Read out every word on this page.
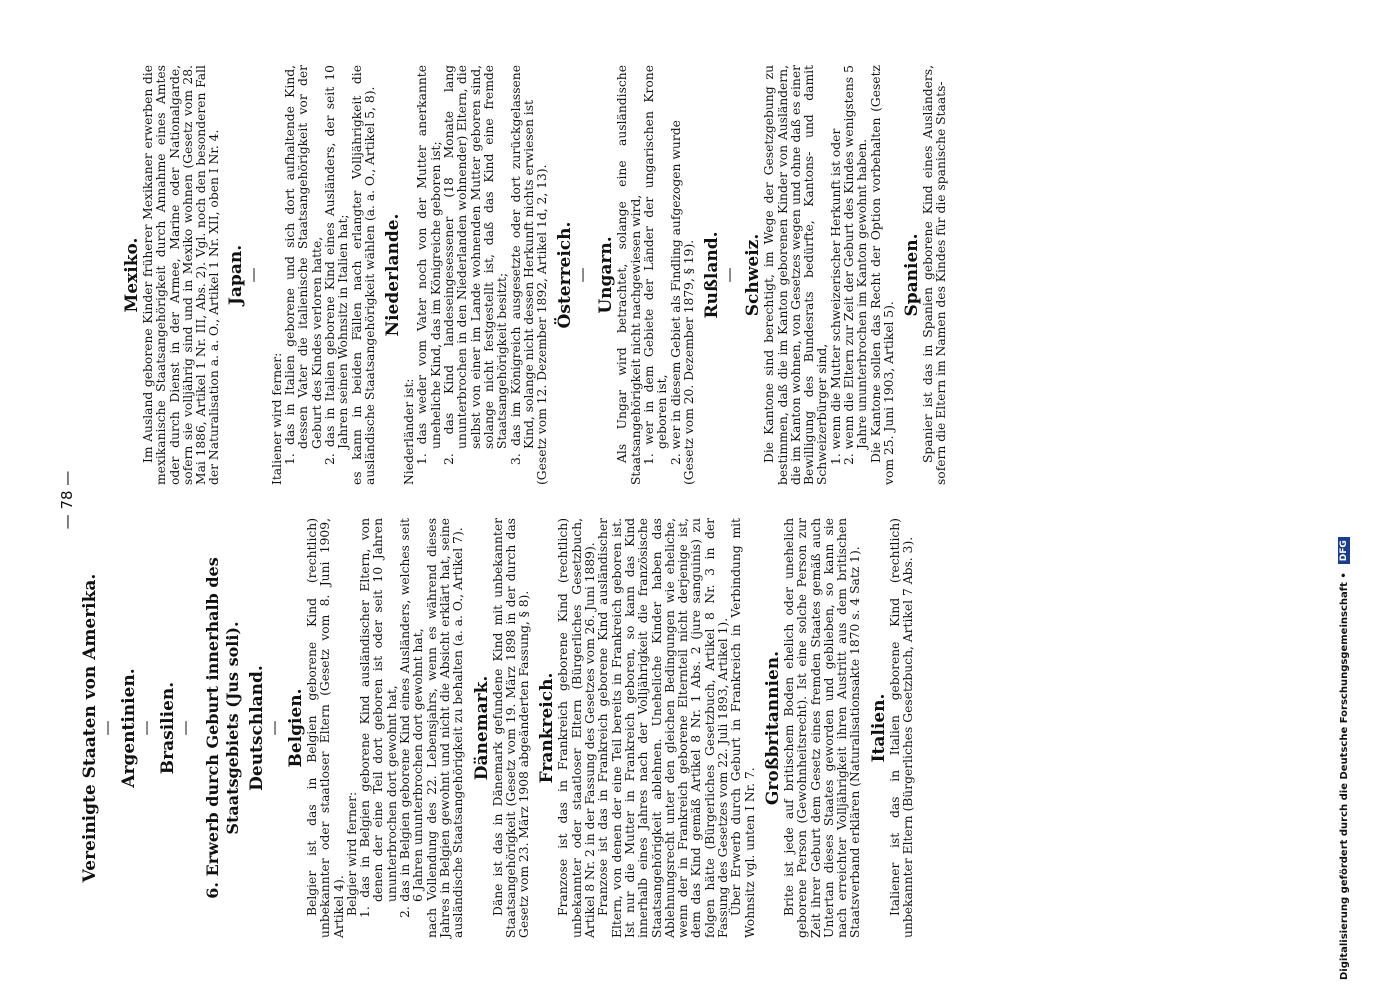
— 78 —
Vereinigte Staaten von Amerika.
— Argentinien.
— Brasilien.
— 6. Erwerb durch Geburt innerhalb des Staatsgebiets (Jus soli). Deutschland.
— Belgien. Belgier ist das in Belgien geborene Kind (rechtlich) unbekannter oder staatloser Eltern (Gesetz vom 8. Juni 1909, Artikel 4). Belgier wird ferner: 1. das in Belgien geborene Kind ausländischer Eltern, von denen der eine Teil dort geboren ist oder seit 10 Jahren ununterbrochen dort gewohnt hat, 2. das in Belgien geborene Kind eines Ausländers, welches seit 6 Jahren ununterbrochen dort gewohnt hat, nach Vollendung des 22. Lebensjahrs, wenn es während dieses Jahres in Belgien gewohnt und nicht die Absicht erklärt hat, seine ausländische Staatsangehörigkeit zu behalten (a. a. O., Artikel 7). Dänemark. Däne ist das in Dänemark gefundene Kind mit unbekannter Staatsangehörigkeit (Gesetz vom 19. März 1898 in der durch das Gesetz vom 23. März 1908 abgeänderten Fassung, § 8). Frankreich. Franzose ist das in Frankreich geborene Kind (rechtlich) unbekannter oder staatloser Eltern (Bürgerliches Gesetzbuch, Artikel 8 Nr. 2 in der Fassung des Gesetzes vom 26. Juni 1889). Franzose ist das in Frankreich geborene Kind ausländischer Eltern, von denen der eine Teil bereits in Frankreich geboren ist. Ist nur die Mutter in Frankreich geboren, so kann das Kind innerhalb eines Jahres nach der Volljährigkeit die französische Staatsangehörigkeit ablehnen. Uneheliche Kinder haben das Ablehnungsrecht unter den gleichen Bedingungen wie eheliche, wenn der in Frankreich geborene Elternteil nicht derjenige ist, dem das Kind gemäß Artikel 8 Nr. 1 Abs. 2 (jure sanguinis) zu folgen hätte (Bürgerliches Gesetzbuch, Artikel 8 Nr. 3 in der Fassung des Gesetzes vom 22. Juli 1893, Artikel 1). Über Erwerb durch Geburt in Frankreich in Verbindung mit Wohnsitz vgl. unten I Nr. 7.

Großbritannien. Brite ist jede auf britischem Boden ehelich oder unehelich geborene Person (Gewohnheitsrecht). Ist eine solche Person zur Zeit ihrer Geburt dem Gesetz eines fremden Staates gemäß auch Untertan dieses Staates geworden und geblieben, so kann sie nach erreichter Volljährigkeit ihren Austritt aus dem britischen Staatsverband erklären (Naturalisationsakte 1870 s. 4 Satz 1). Italien. Italiener ist das in Italien geborene Kind (rechtlich) unbekannter Eltern (Bürgerliches Gesetzbuch, Artikel 7 Abs. 3).

Mexiko. Im Ausland geborene Kinder früherer Mexikaner erwerben die mexikanische Staatsangehörigkeit durch Annahme eines Amtes oder durch Dienst in der Armee, Marine oder Nationalgarde, sofern sie volljährig sind und in Mexiko wohnen (Gesetz vom 28. Mai 1886, Artikel 1 Nr. III, Abs. 2). Vgl. noch den besonderen Fall der Naturalisation a. a. O., Artikel 1 Nr. XII, oben I Nr. 4. Japan.
—

Italiener wird ferner: 1. das in Italien geborene und sich dort aufhaltende Kind, dessen Vater die italienische Staatsangehörigkeit vor der Geburt des Kindes verloren hatte, 2. das in Italien geborene Kind eines Ausländers, der seit 10 Jahren seinen Wohnsitz in Italien hat; es kann in beiden Fällen nach erlangter Volljährigkeit die ausländische Staatsangehörigkeit wählen (a. a. O., Artikel 5, 8). Niederlande.

Niederländer ist: 1. das weder vom Vater noch von der Mutter anerkannte uneheliche Kind, das im Königreiche geboren ist; 2. das Kind landeseingesessener (18 Monate lang ununterbrochen in den Niederlanden wohnender) Eltern, die selbst von einer im Lande wohnenden Mutter geboren sind, solange nicht festgestellt ist, daß das Kind eine fremde Staatsangehörigkeit besitzt; 3. das im Königreich ausgesetzte oder dort zurückgelassene Kind, solange nicht dessen Herkunft nichts erwiesen ist (Gesetz vom 12. Dezember 1892, Artikel 1d, 2, 13). Österreich.
— Ungarn. Als Ungar wird betrachtet, solange eine ausländische Staatsangehörigkeit nicht nachgewiesen wird, 1. wer in dem Gebiete der Länder der ungarischen Krone geboren ist, 2. wer in diesem Gebiet als Findling aufgezogen wurde (Gesetz vom 20. Dezember 1879, § 19). Rußland.
— Schweiz. Die Kantone sind berechtigt, im Wege der Gesetzgebung zu bestimmen, daß die im Kanton geborenen Kinder von Ausländern, die im Kanton wohnen, von Gesetzes wegen und ohne daß es einer Bewilligung des Bundesrats bedürfte, Kantons- und damit Schweizerbürger sind, 1. wenn die Mutter schweizerischer Herkunft ist oder 2. wenn die Eltern zur Zeit der Geburt des Kindes wenigstens 5 Jahre ununterbrochen im Kanton gewohnt haben. Die Kantone sollen das Recht der Option vorbehalten (Gesetz vom 25. Juni 1903, Artikel 5).

Spanien. Spanier ist das in Spanien geborene Kind eines Ausländers, sofern die Eltern im Namen des Kindes für die spanische Staats-

Digitalisierung gefördert durch die Deutsche Forschungsgemeinschaft •
DFG
